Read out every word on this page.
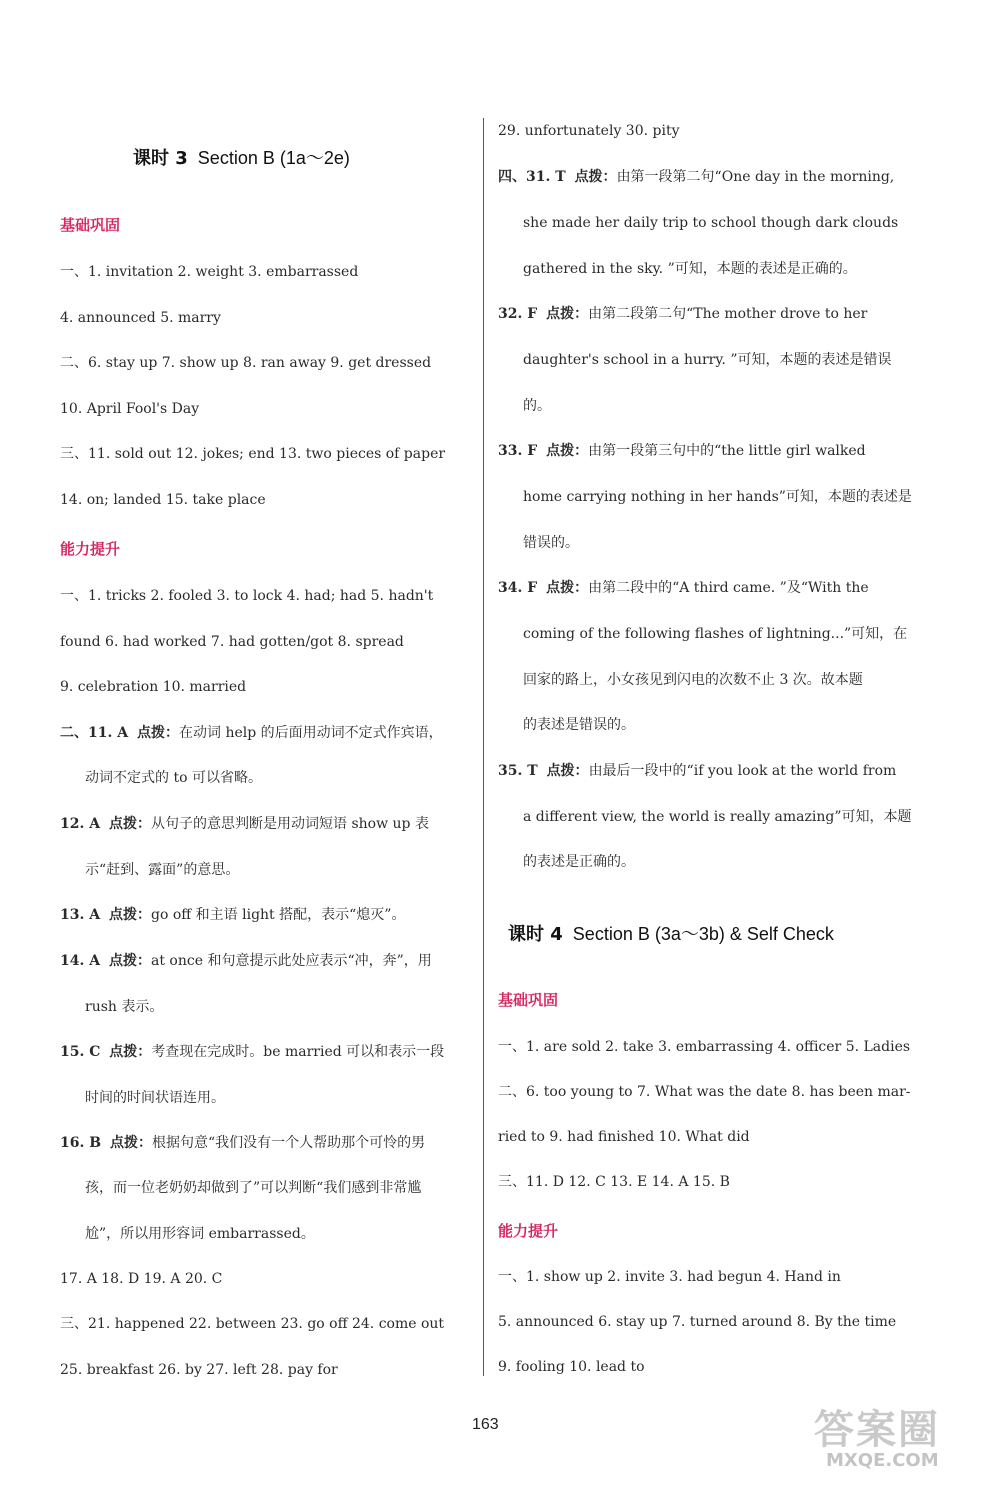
课时 3 Section B (1a～2e)
基础巩固
一、1. invitation 2. weight 3. embarrassed
4. announced 5. marry
二、6. stay up 7. show up 8. ran away 9. get dressed
10. April Fool's Day
三、11. sold out 12. jokes; end 13. two pieces of paper
14. on; landed 15. take place
能力提升
一、1. tricks 2. fooled 3. to lock 4. had; had 5. hadn't
found 6. had worked 7. had gotten/got 8. spread
9. celebration 10. married
二、11. A 点拨：在动词 help 的后面用动词不定式作宾语，
动词不定式的 to 可以省略。
12. A 点拨：从句子的意思判断是用动词短语 show up 表
示“赶到、露面”的意思。
13. A 点拨：go off 和主语 light 搭配，表示“熄灭”。
14. A 点拨：at once 和句意提示此处应表示“冲，奔”，用
rush 表示。
15. C 点拨：考查现在完成时。be married 可以和表示一段
时间的时间状语连用。
16. B 点拨：根据句意“我们没有一个人帮助那个可怜的男
孩，而一位老奶奶却做到了”可以判断“我们感到非常尴
尬”，所以用形容词 embarrassed。
17. A 18. D 19. A 20. C
三、21. happened 22. between 23. go off 24. come out
25. breakfast 26. by 27. left 28. pay for
29. unfortunately 30. pity
四、31. T 点拨：由第一段第二句“One day in the morning,
she made her daily trip to school though dark clouds
gathered in the sky. ”可知，本题的表述是正确的。
32. F 点拨：由第二段第二句“The mother drove to her
daughter's school in a hurry. ”可知，本题的表述是错误
的。
33. F 点拨：由第一段第三句中的“the little girl walked
home carrying nothing in her hands”可知，本题的表述是
错误的。
34. F 点拨：由第二段中的“A third came. ”及“With the
coming of the following flashes of lightning...”可知，在
回家的路上，小女孩见到闪电的次数不止 3 次。故本题
的表述是错误的。
35. T 点拨：由最后一段中的“if you look at the world from
a different view, the world is really amazing”可知，本题
的表述是正确的。
课时 4 Section B (3a～3b) & Self Check
基础巩固
一、1. are sold 2. take 3. embarrassing 4. officer 5. Ladies
二、6. too young to 7. What was the date 8. has been mar-
ried to 9. had finished 10. What did
三、11. D 12. C 13. E 14. A 15. B
能力提升
一、1. show up 2. invite 3. had begun 4. Hand in
5. announced 6. stay up 7. turned around 8. By the time
9. fooling 10. lead to
163	答案圈
MXQE.COM
